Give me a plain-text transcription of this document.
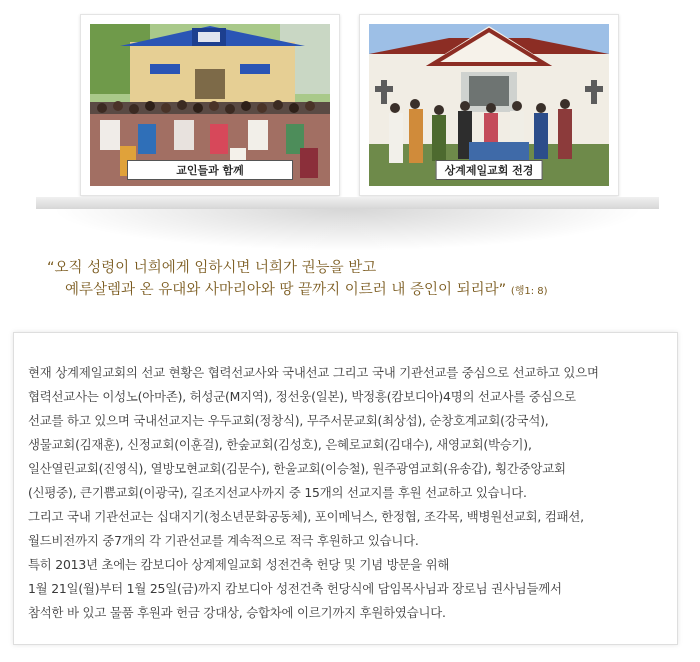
교인들과 함께	상계제일교회 전경
“오직 성령이 너희에게 임하시면 너희가 권능을 받고
예루살렘과 온 유대와 사마리아와 땅 끝까지 이르러 내 증인이 되리라” (행1: 8)
현재 상계제일교회의 선교 현황은 협력선교사와 국내선교 그리고 국내 기관선교를 중심으로 선교하고 있으며
협력선교사는 이성노(아마존), 허성군(M지역), 정선웅(일본), 박정흥(캄보디아)4명의 선교사를 중심으로
선교를 하고 있으며 국내선교지는 우두교회(정창식), 무주서문교회(최상섭), 순창호계교회(강국석),
생물교회(김재훈), 신정교회(이훈걸), 한숲교회(김성호), 은혜로교회(김대수), 새영교회(박승기),
일산열린교회(진영식), 열방모현교회(김문수), 한울교회(이승철), 원주광염교회(유송갑), 횡간중앙교회
(신평중), 큰기쁨교회(이광국), 길조지선교사까지 중 15개의 선교지를 후원 선교하고 있습니다.
그리고 국내 기관선교는 십대지기(청소년문화공동체), 포이메닉스, 한정협, 조각목, 백병원선교회, 컴패션,
월드비전까지 중7개의 각 기관선교를 계속적으로 적극 후원하고 있습니다.
특히 2013년 초에는 캄보디아 상계제일교회 성전건축 헌당 및 기념 방문을 위해
1월 21일(월)부터 1월 25일(금)까지 캄보디아 성전건축 헌당식에 담임목사님과 장로님 권사님들께서
참석한 바 있고 물품 후원과 헌금 강대상, 승합차에 이르기까지 후원하였습니다.
